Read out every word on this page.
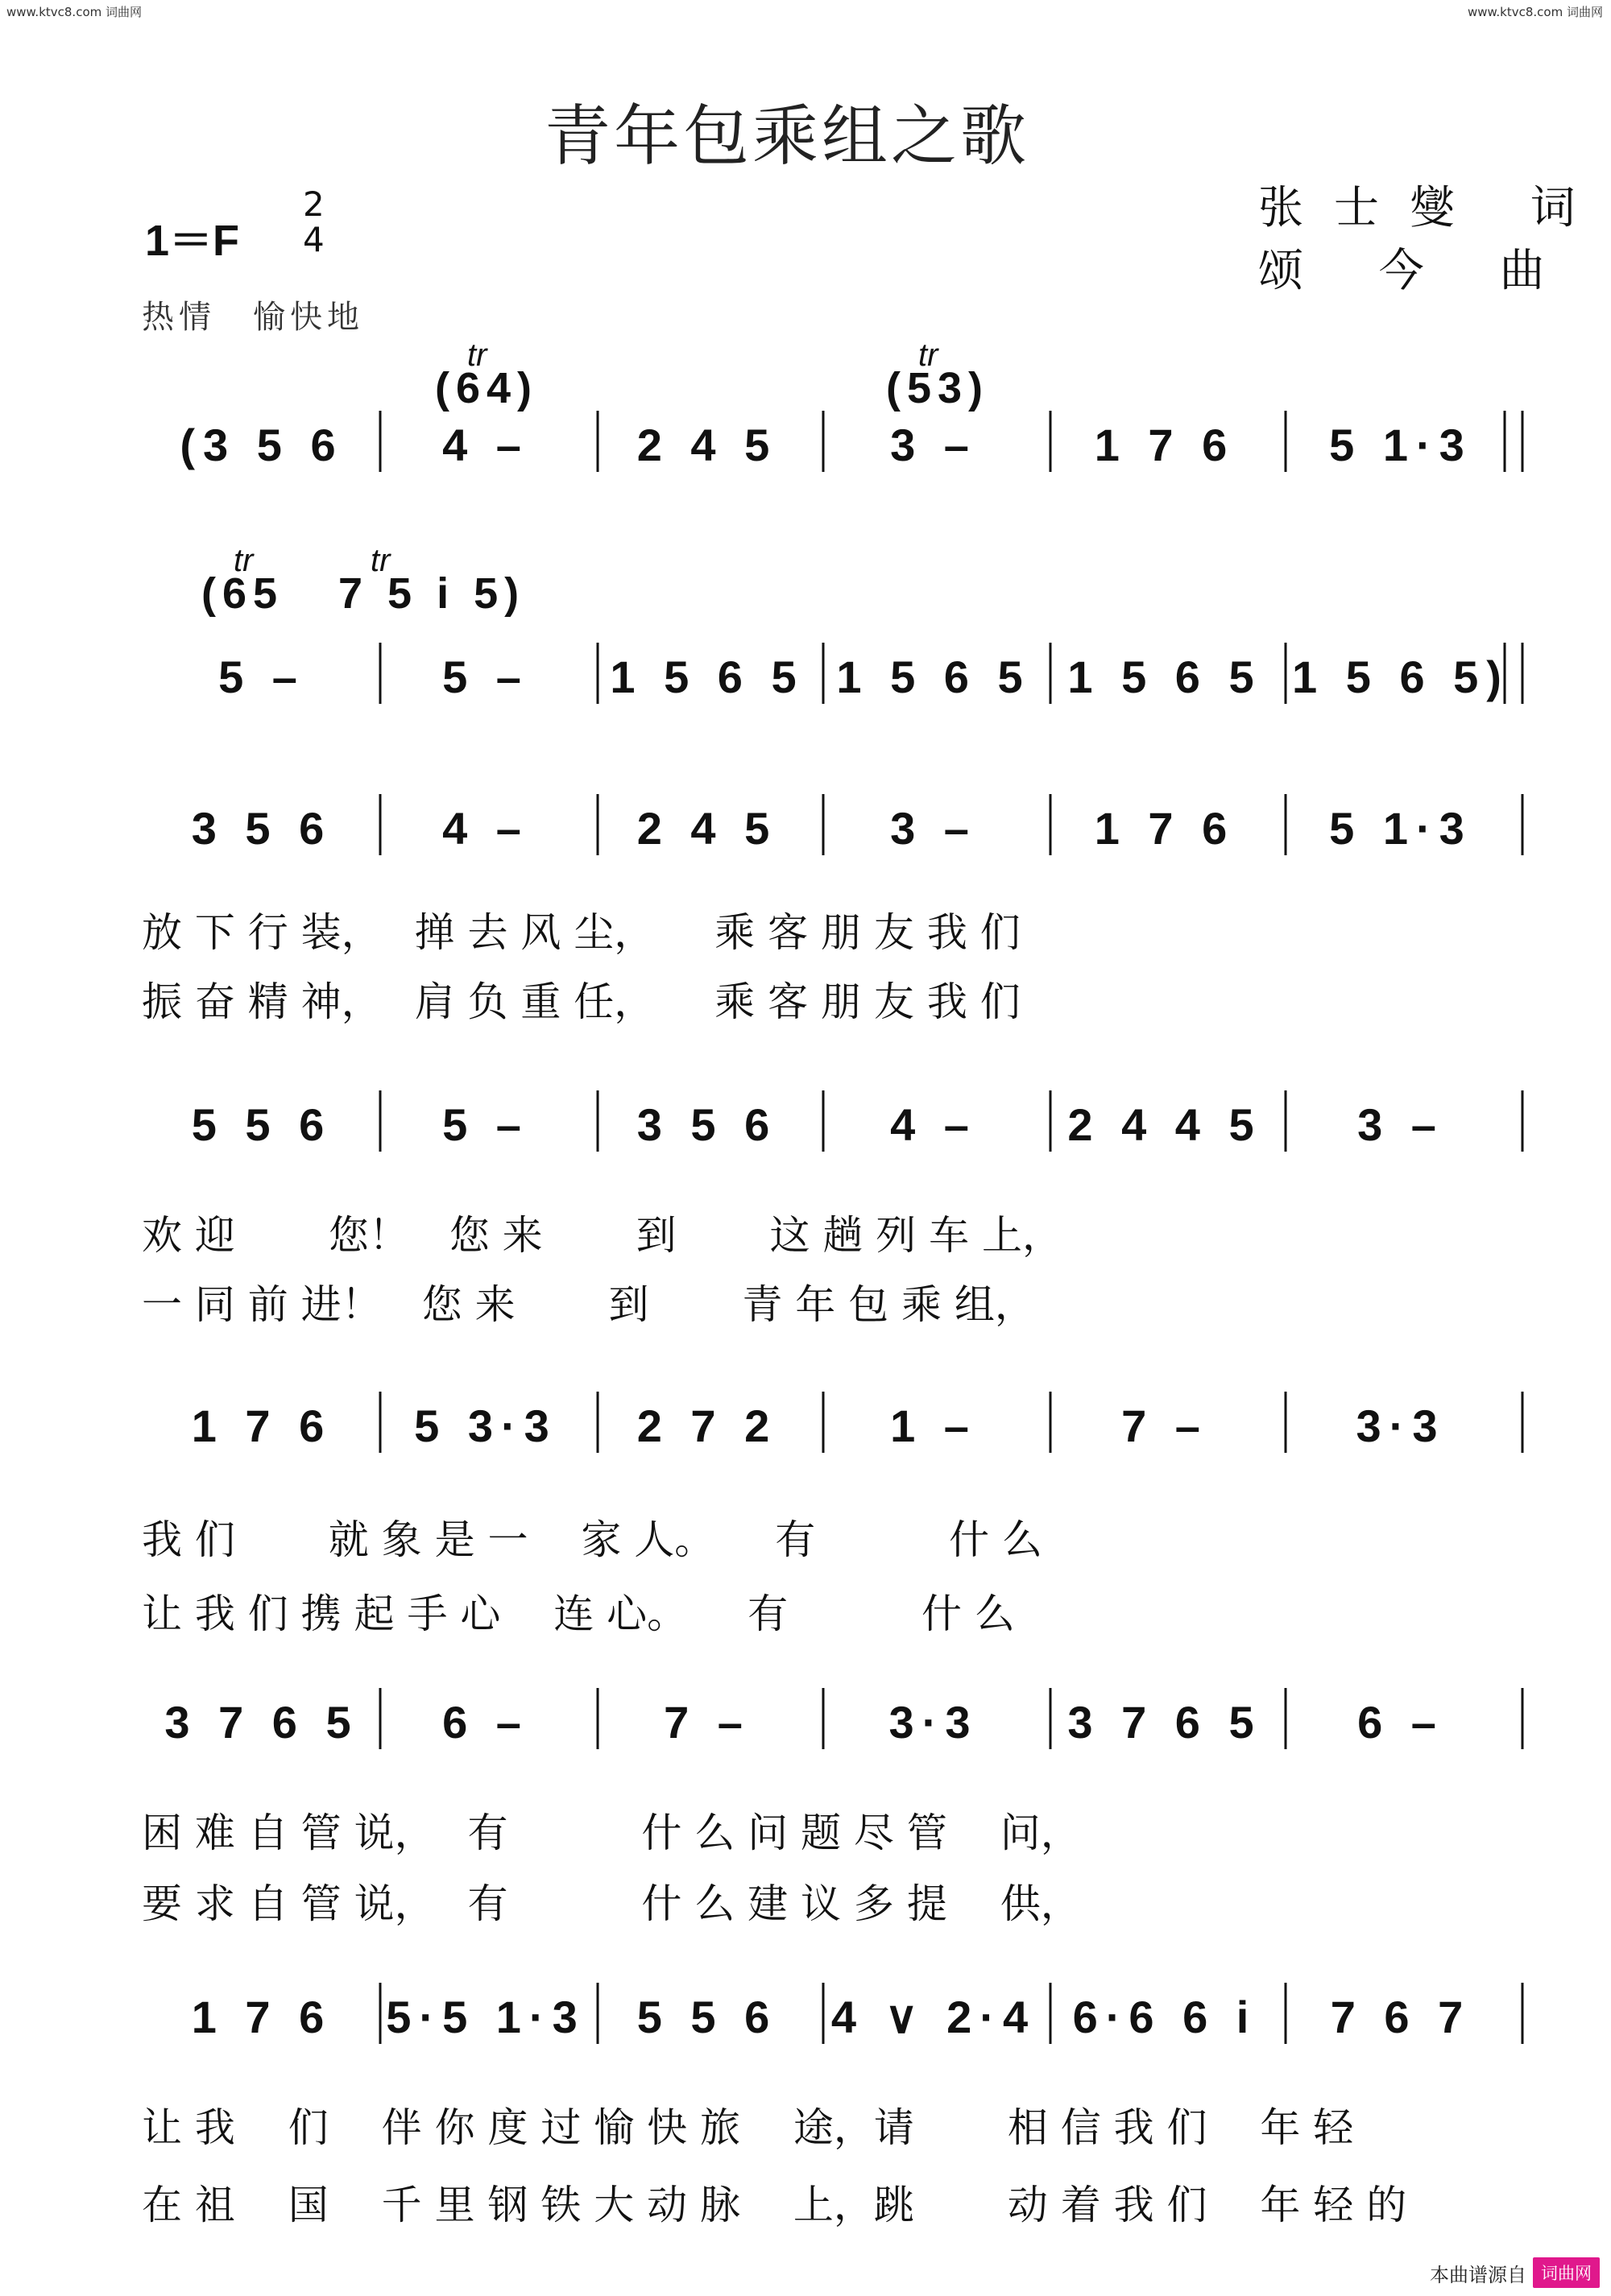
www.ktvc8.com 词曲网	www.ktvc8.com 词曲网
青年包乘组之歌
1＝F
2
4
热情　愉快地
张士燮 词
颂 今 曲
(3 5 6 4 – 2 4 5 3 –	1 7 6 5 1·3
tr
(64)
tr
(53)
5 –	5 – 1 5 6 5 1 5 6 5 1 5 6 5 1 5 6 5)
tr
(65
tr
7 5 i 5)
3 5 6 4 – 2 4 5 3 –	1 7 6 5 1·3
5 5 6 5 – 3 5 6 4 – 2 4 4 5 3 –
1 7 6 5 3·3 2 7 2 1 –	7 –	3·3
3 7 6 5 6 –	7 –	3·3 3 7 6 5 6 –
1 7 6 5·5 1·3 5 5 6 4 ∨ 2·4 6·6 6 i 7 6 7
放 下 行 装，　 掸 去 风 尘，　　乘 客 朋 友 我 们
振 奋 精 神，　 肩 负 重 任，　　乘 客 朋 友 我 们
欢 迎　　 您！　您 来　　 到　　 这 趟 列 车 上，
一 同 前 进！　您 来　　 到　　 青 年 包 乘 组，
我 们　　 就 象 是 一　 家 人。　　有　　　 什 么
让 我 们 携 起 手 心　 连 心。　　有　　　 什 么
困 难 自 管 说，　 有　　　 什 么 问 题 尽 管　 问，
要 求 自 管 说，　 有　　　 什 么 建 议 多 提　 供，
让 我　 们　 伴 你 度 过 愉 快 旅　 途，请　　 相 信 我 们　 年 轻
在 祖　 国　 千 里 钢 铁 大 动 脉　 上，跳　　 动 着 我 们　 年 轻 的
本曲谱源自 词曲网
